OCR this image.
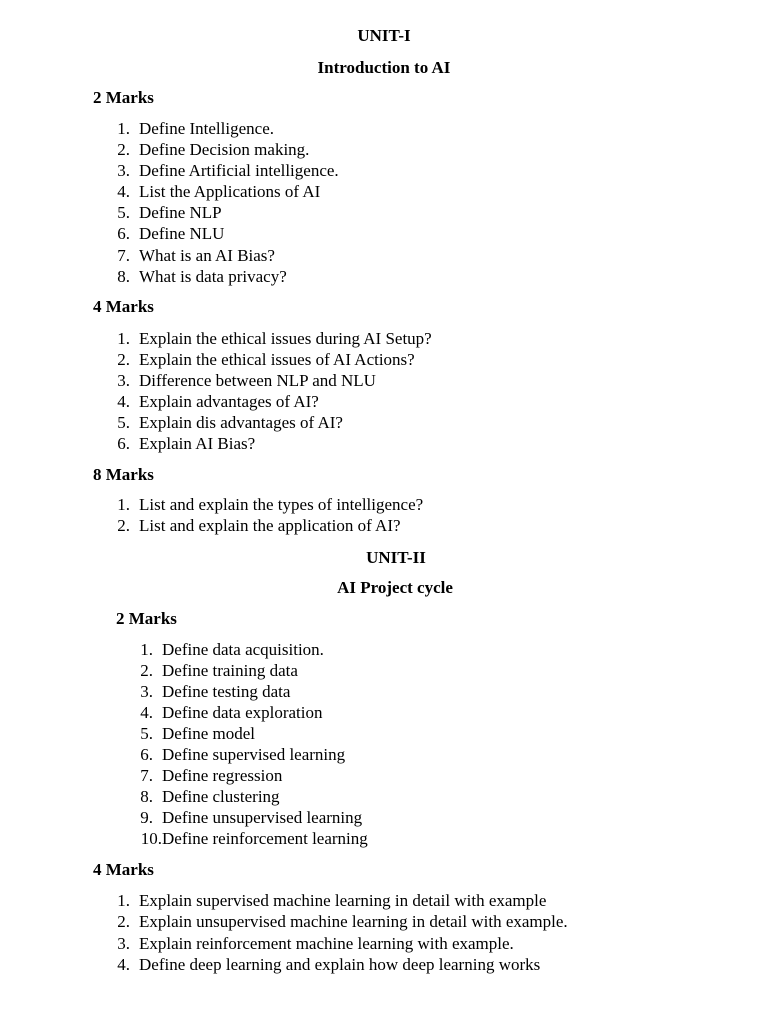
UNIT-I
Introduction to AI
2 Marks
1. Define Intelligence.
2. Define Decision making.
3. Define Artificial intelligence.
4. List the Applications of AI
5. Define NLP
6. Define NLU
7. What is an AI Bias?
8. What is data privacy?
4 Marks
1. Explain the ethical issues during AI Setup?
2. Explain the ethical issues of AI Actions?
3. Difference between NLP and NLU
4. Explain advantages of AI?
5. Explain dis advantages of AI?
6. Explain AI Bias?
8 Marks
1. List and explain the types of intelligence?
2. List and explain the application of AI?
UNIT-II
AI Project cycle
2 Marks
1. Define data acquisition.
2. Define training data
3. Define testing data
4. Define data exploration
5. Define model
6. Define supervised learning
7. Define regression
8. Define clustering
9. Define unsupervised learning
10. Define reinforcement learning
4 Marks
1. Explain supervised machine learning in detail with example
2. Explain unsupervised machine learning in detail with example.
3. Explain reinforcement machine learning with example.
4. Define deep learning and explain how deep learning works
